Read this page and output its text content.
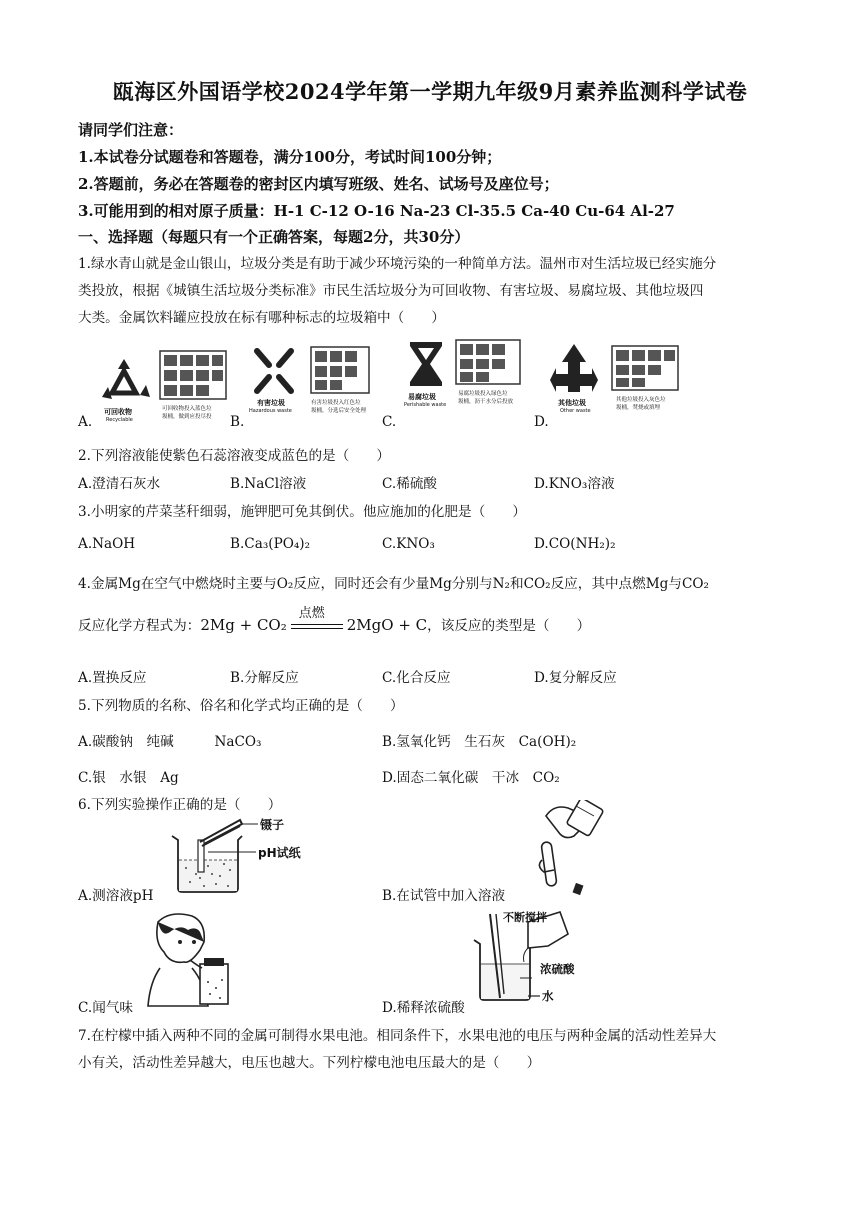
瓯海区外国语学校2024学年第一学期九年级9月素养监测科学试卷
请同学们注意：
1.本试卷分试题卷和答题卷，满分100分，考试时间100分钟；
2.答题前，务必在答题卷的密封区内填写班级、姓名、试场号及座位号；
3.可能用到的相对原子质量：H-1 C-12 O-16 Na-23 Cl-35.5 Ca-40 Cu-64 Al-27
一、选择题（每题只有一个正确答案，每题2分，共30分）
1.绿水青山就是金山银山，垃圾分类是有助于减少环境污染的一种简单方法。温州市对生活垃圾已经实施分
类投放，根据《城镇生活垃圾分类标准》市民生活垃圾分为可回收物、有害垃圾、易腐垃圾、其他垃圾四
大类。金属饮料罐应投放在标有哪种标志的垃圾箱中（　　）
可回收物
Recyclable
可回收物投入蓝色垃
圾桶，做到应投尽投
有害垃圾
Hazardous waste
有害垃圾投入红色垃
圾桶，分选后安全处理
易腐垃圾
Perishable waste
易腐垃圾投入绿色垃
圾桶，沥干水分后投放	其他垃圾
Other waste
其他垃圾投入灰色垃
圾桶，焚烧或填埋
A.	B.	C.	D.
2.下列溶液能使紫色石蕊溶液变成蓝色的是（　　）
A.澄清石灰水	B.NaCl溶液	C.稀硫酸	D.KNO₃溶液
3.小明家的芹菜茎秆细弱，施钾肥可免其倒伏。他应施加的化肥是（　　）
A.NaOH	B.Ca₃(PO₄)₂	C.KNO₃	D.CO(NH₂)₂
4.金属Mg在空气中燃烧时主要与O₂反应，同时还会有少量Mg分别与N₂和CO₂反应，其中点燃Mg与CO₂
反应化学方程式为：2Mg + CO₂
点燃
2MgO + C，该反应的类型是（　　）
A.置换反应	B.分解反应	C.化合反应	D.复分解反应
5.下列物质的名称、俗名和化学式均正确的是（　　）
A.碳酸钠　纯碱　　　NaCO₃	B.氢氧化钙　生石灰　Ca(OH)₂
C.银　水银　Ag	D.固态二氧化碳　干冰　CO₂
6.下列实验操作正确的是（　　）
镊子
pH试纸
A.测溶液pH	B.在试管中加入溶液
C.闻气味
不断搅拌
浓硫酸
水
D.稀释浓硫酸
7.在柠檬中插入两种不同的金属可制得水果电池。相同条件下，水果电池的电压与两种金属的活动性差异大
小有关，活动性差异越大，电压也越大。下列柠檬电池电压最大的是（　　）
